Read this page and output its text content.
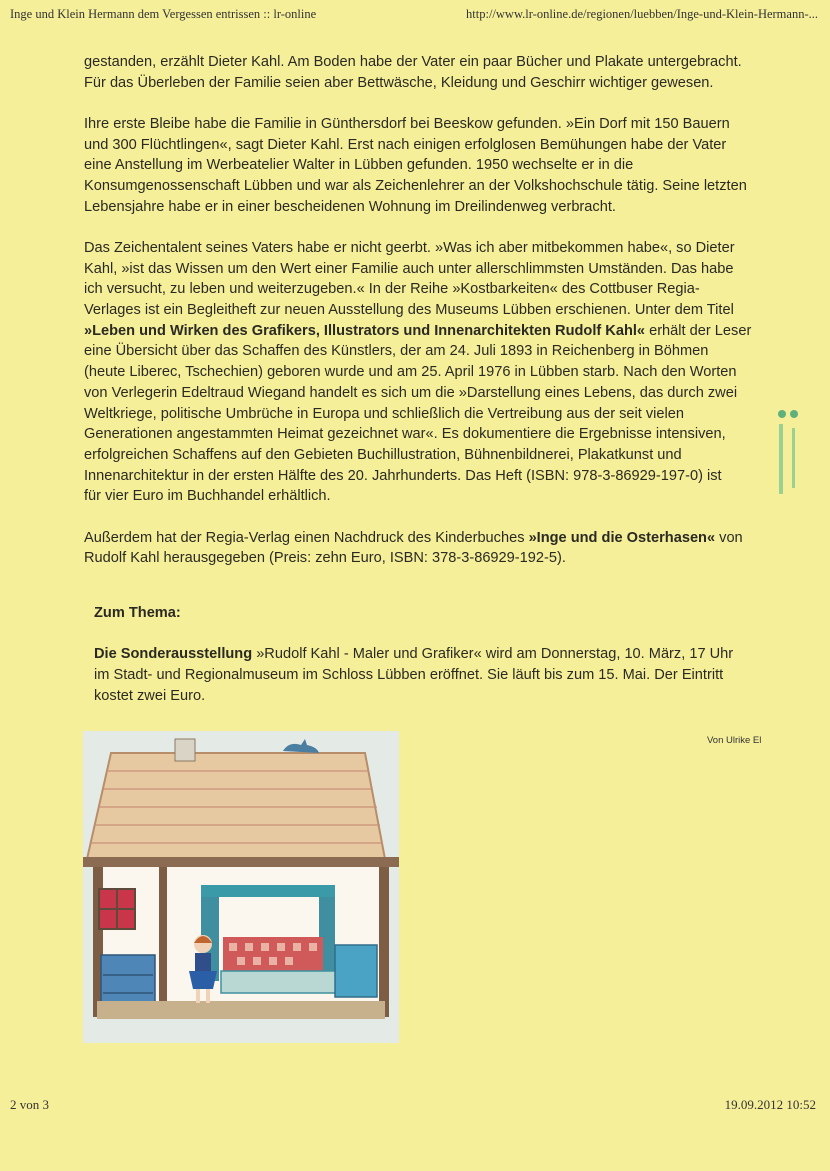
Inge und Klein Hermann dem Vergessen entrissen :: lr-online	http://www.lr-online.de/regionen/luebben/Inge-und-Klein-Hermann-...

gestanden, erzählt Dieter Kahl. Am Boden habe der Vater ein paar Bücher und Plakate untergebracht.
Für das Überleben der Familie seien aber Bettwäsche, Kleidung und Geschirr wichtiger gewesen.

Ihre erste Bleibe habe die Familie in Günthersdorf bei Beeskow gefunden. »Ein Dorf mit 150 Bauern
und 300 Flüchtlingen«, sagt Dieter Kahl. Erst nach einigen erfolglosen Bemühungen habe der Vater
eine Anstellung im Werbeatelier Walter in Lübben gefunden. 1950 wechselte er in die
Konsumgenossenschaft Lübben und war als Zeichenlehrer an der Volkshochschule tätig. Seine letzten
Lebensjahre habe er in einer bescheidenen Wohnung im Dreilindenweg verbracht.

Das Zeichentalent seines Vaters habe er nicht geerbt. »Was ich aber mitbekommen habe«, so Dieter
Kahl, »ist das Wissen um den Wert einer Familie auch unter allerschlimmsten Umständen. Das habe
ich versucht, zu leben und weiterzugeben.« In der Reihe »Kostbarkeiten« des Cottbuser Regia-
Verlages ist ein Begleitheft zur neuen Ausstellung des Museums Lübben erschienen. Unter dem Titel
»Leben und Wirken des Grafikers, Illustrators und Innenarchitekten Rudolf Kahl« erhält der Leser
eine Übersicht über das Schaffen des Künstlers, der am 24. Juli 1893 in Reichenberg in Böhmen
(heute Liberec, Tschechien) geboren wurde und am 25. April 1976 in Lübben starb. Nach den Worten
von Verlegerin Edeltraud Wiegand handelt es sich um die »Darstellung eines Lebens, das durch zwei
Weltkriege, politische Umbrüche in Europa und schließlich die Vertreibung aus der seit vielen
Generationen angestammten Heimat gezeichnet war«. Es dokumentiere die Ergebnisse intensiven,
erfolgreichen Schaffens auf den Gebieten Buchillustration, Bühnenbildnerei, Plakatkunst und
Innenarchitektur in der ersten Hälfte des 20. Jahrhunderts. Das Heft (ISBN: 978-3-86929-197-0) ist
für vier Euro im Buchhandel erhältlich.

Außerdem hat der Regia-Verlag einen Nachdruck des Kinderbuches »Inge und die Osterhasen« von
Rudolf Kahl herausgegeben (Preis: zehn Euro, ISBN: 378-3-86929-192-5).

Zum Thema:

Die Sonderausstellung »Rudolf Kahl - Maler und Grafiker« wird am Donnerstag, 10. März, 17 Uhr
im Stadt- und Regionalmuseum im Schloss Lübben eröffnet. Sie läuft bis zum 15. Mai. Der Eintritt
kostet zwei Euro.

Von Ulrike El
2 von 3	19.09.2012 10:52
